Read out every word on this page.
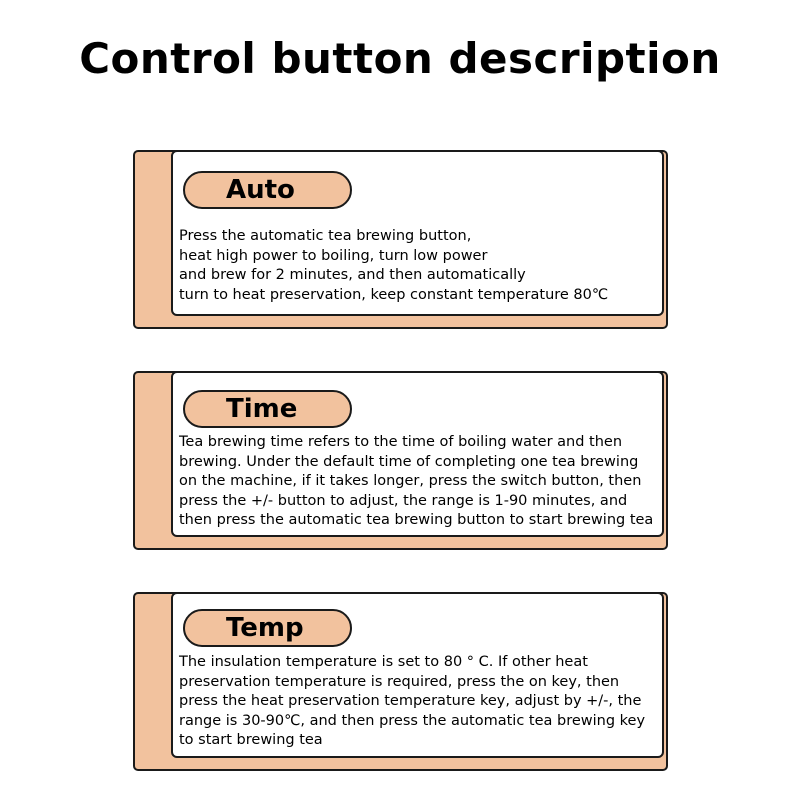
Control button description
Auto
Press the automatic tea brewing button,
heat high power to boiling, turn low power
and brew for 2 minutes, and then automatically
turn to heat preservation, keep constant temperature 80℃
Time
Tea brewing time refers to the time of boiling water and then
brewing. Under the default time of completing one tea brewing
on the machine, if it takes longer, press the switch button, then
press the +/- button to adjust, the range is 1-90 minutes, and
then press the automatic tea brewing button to start brewing tea
Temp
The insulation temperature is set to 80 ° C. If other heat
preservation temperature is required, press the on key, then
press the heat preservation temperature key, adjust by +/-, the
range is 30-90℃, and then press the automatic tea brewing key
to start brewing tea
